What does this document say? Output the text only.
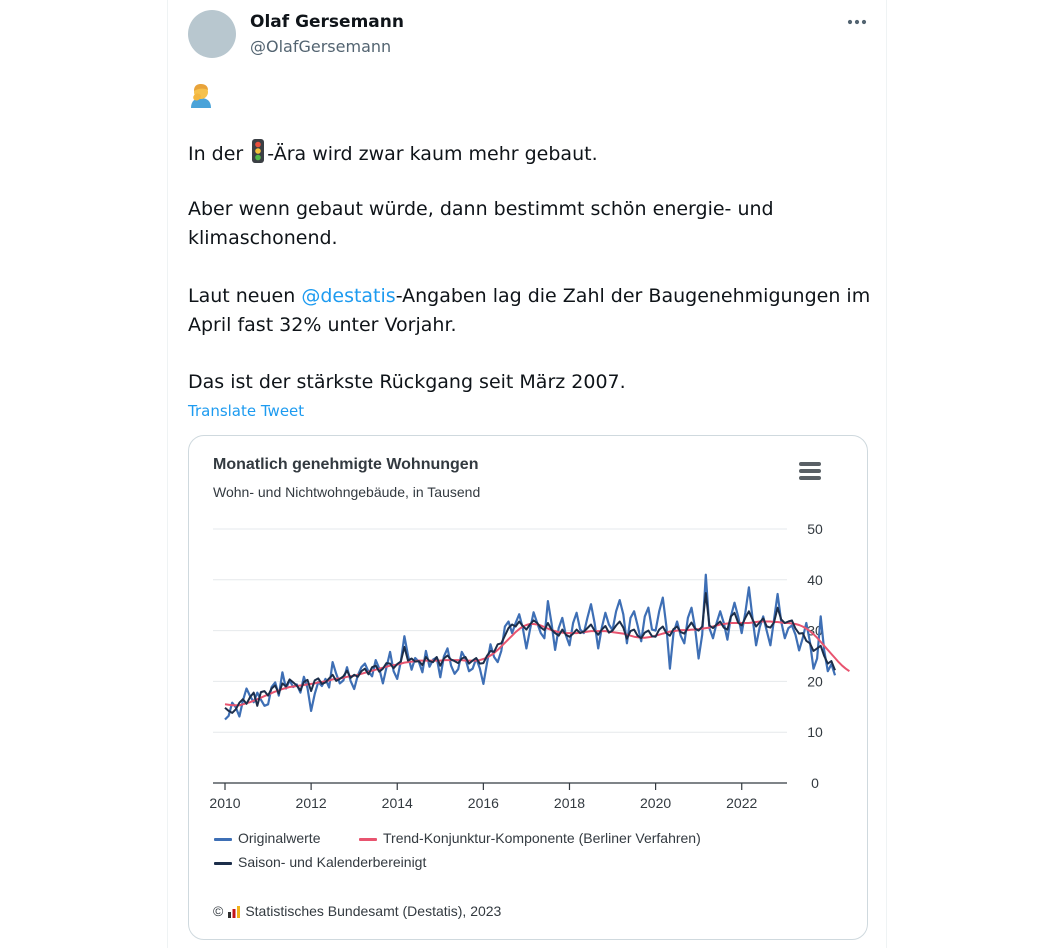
Olaf Gersemann
@OlafGersemann
In der -Ära wird zwar kaum mehr gebaut.
Aber wenn gebaut würde, dann bestimmt schön energie- und
klimaschonend.
Laut neuen @destatis-Angaben lag die Zahl der Baugenehmigungen im
April fast 32% unter Vorjahr.
Das ist der stärkste Rückgang seit März 2007.
Translate Tweet
Monatlich genehmigte Wohnungen
Wohn- und Nichtwohngebäude, in Tausend
0
10
20
30
40
50
2010	2012	2014	2016	2018	2020	2022
Originalwerte	Trend-Konjunktur-Komponente (Berliner Verfahren)
Saison- und Kalenderbereinigt
© Statistisches Bundesamt (Destatis), 2023
